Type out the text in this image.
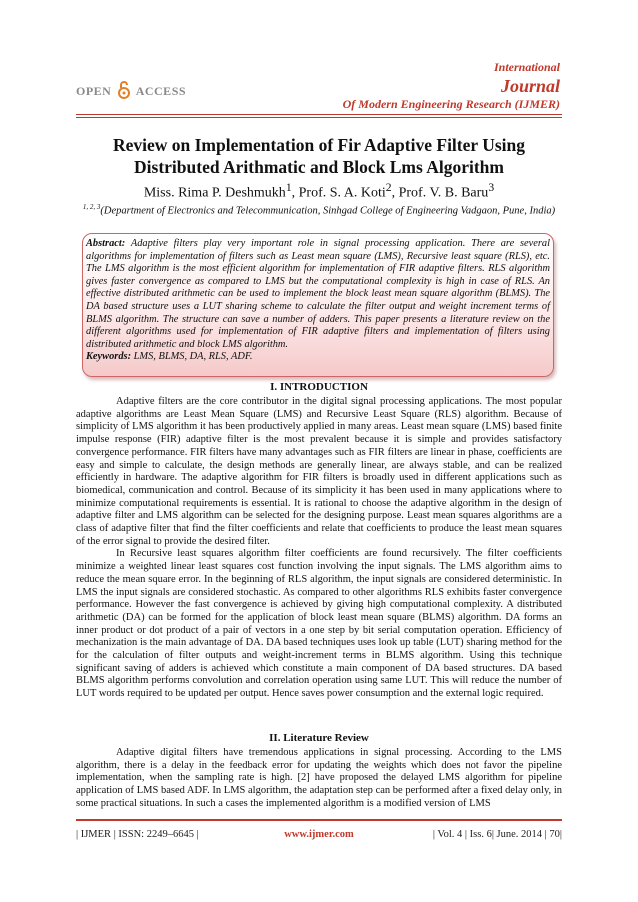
OPEN ACCESS
International
Journal
Of Modern Engineering Research (IJMER)
Review on Implementation of Fir Adaptive Filter Using
Distributed Arithmatic and Block Lms Algorithm
Miss. Rima P. Deshmukh$^1$, Prof. S. A. Koti$^2$, Prof. V. B. Baru$^3$
$^{1, 2, 3}$(Department of Electronics and Telecommunication, Sinhgad College of Engineering Vadgaon, Pune, India)

Abstract: Adaptive filters play very important role in signal processing application. There are several algorithms for implementation of filters such as Least mean square (LMS), Recursive least square (RLS), etc. The LMS algorithm is the most efficient algorithm for implementation of FIR adaptive filters. RLS algorithm gives faster convergence as compared to LMS but the computational complexity is high in case of RLS. An effective distributed arithmetic can be used to implement the block least mean square algorithm (BLMS). The DA based structure uses a LUT sharing scheme to calculate the filter output and weight increment terms of BLMS algorithm. The structure can save a number of adders. This paper presents a literature review on the different algorithms used for implementation of FIR adaptive filters and implementation of filters using distributed arithmetic and block LMS algorithm.

Keywords: LMS, BLMS, DA, RLS, ADF.

I. INTRODUCTION

Adaptive filters are the core contributor in the digital signal processing applications. The most popular adaptive algorithms are Least Mean Square (LMS) and Recursive Least Square (RLS) algorithm. Because of simplicity of LMS algorithm it has been productively applied in many areas. Least mean square (LMS) based finite impulse response (FIR) adaptive filter is the most prevalent because it is simple and provides satisfactory convergence performance. FIR filters have many advantages such as FIR filters are linear in phase, coefficients are easy and simple to calculate, the design methods are generally linear, are always stable, and can be realized efficiently in hardware. The adaptive algorithm for FIR filters is broadly used in different applications such as biomedical, communication and control. Because of its simplicity it has been used in many applications where to minimize computational requirements is essential. It is rational to choose the adaptive algorithm in the design of adaptive filter and LMS algorithm can be selected for the designing purpose. Least mean squares algorithms are a class of adaptive filter that find the filter coefficients and relate that coefficients to produce the least mean squares of the error signal to provide the desired filter.

In Recursive least squares algorithm filter coefficients are found recursively. The filter coefficients minimize a weighted linear least squares cost function involving the input signals. The LMS algorithm aims to reduce the mean square error. In the beginning of RLS algorithm, the input signals are considered deterministic. In LMS the input signals are considered stochastic. As compared to other algorithms RLS exhibits faster convergence performance. However the fast convergence is achieved by giving high computational complexity. A distributed arithmetic (DA) can be formed for the application of block least mean square (BLMS) algorithm. DA forms an inner product or dot product of a pair of vectors in a one step by bit serial computation operation. Efficiency of mechanization is the main advantage of DA. DA based techniques uses look up table (LUT) sharing method for the for the calculation of filter outputs and weight-increment terms in BLMS algorithm. Using this technique significant saving of adders is achieved which constitute a main component of DA based structures. DA based BLMS algorithm performs convolution and correlation operation using same LUT. This will reduce the number of LUT words required to be updated per output. Hence saves power consumption and the external logic required.

II. Literature Review

Adaptive digital filters have tremendous applications in signal processing. According to the LMS algorithm, there is a delay in the feedback error for updating the weights which does not favor the pipeline implementation, when the sampling rate is high. [2] have proposed the delayed LMS algorithm for pipeline application of LMS based ADF. In LMS algorithm, the adaptation step can be performed after a fixed delay only, in some practical situations. In such a cases the implemented algorithm is a modified version of LMS

| IJMER | ISSN: 2249–6645 |	www.ijmer.com	| Vol. 4 | Iss. 6| June. 2014 | 70|
